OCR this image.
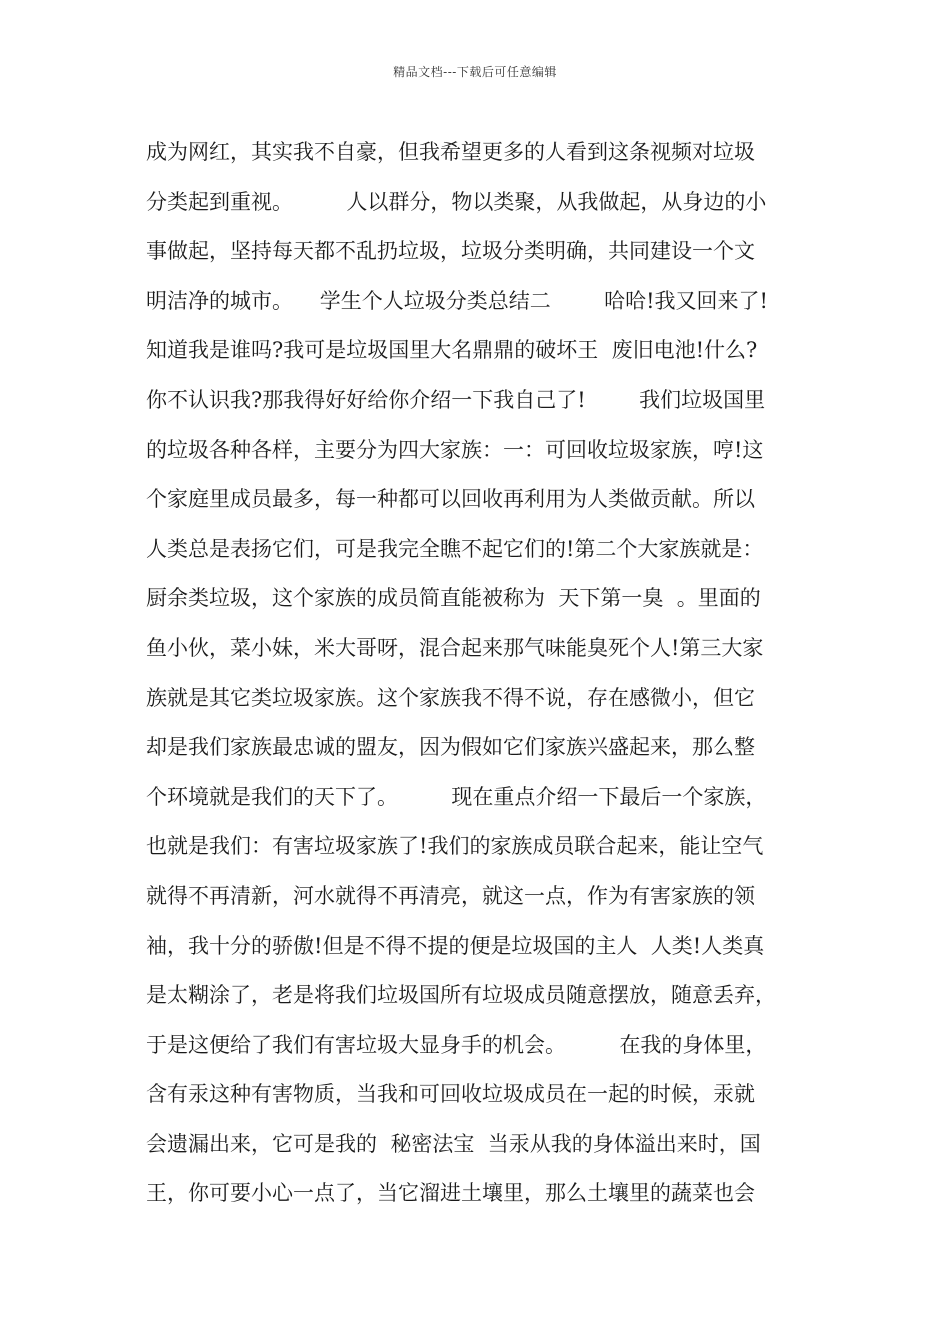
精品文档---下载后可任意编辑
成为网红，其实我不自豪，但我希望更多的人看到这条视频对垃圾
分类起到重视。        人以群分，物以类聚，从我做起，从身边的小
事做起，坚持每天都不乱扔垃圾，垃圾分类明确，共同建设一个文
明洁净的城市。    学生个人垃圾分类总结二        哈哈!我又回来了!
知道我是谁吗?我可是垃圾国里大名鼎鼎的破坏王  废旧电池!什么?
你不认识我?那我得好好给你介绍一下我自己了!        我们垃圾国里
的垃圾各种各样，主要分为四大家族：一：可回收垃圾家族，哼!这
个家庭里成员最多，每一种都可以回收再利用为人类做贡献。所以
人类总是表扬它们，可是我完全瞧不起它们的!第二个大家族就是：
厨余类垃圾，这个家族的成员简直能被称为  天下第一臭  。里面的
鱼小伙，菜小妹，米大哥呀，混合起来那气味能臭死个人!第三大家
族就是其它类垃圾家族。这个家族我不得不说，存在感微小，但它
却是我们家族最忠诚的盟友，因为假如它们家族兴盛起来，那么整
个环境就是我们的天下了。        现在重点介绍一下最后一个家族，
也就是我们：有害垃圾家族了!我们的家族成员联合起来，能让空气
就得不再清新，河水就得不再清亮，就这一点，作为有害家族的领
袖，我十分的骄傲!但是不得不提的便是垃圾国的主人  人类!人类真
是太糊涂了，老是将我们垃圾国所有垃圾成员随意摆放，随意丢弃，
于是这便给了我们有害垃圾大显身手的机会。        在我的身体里，
含有汞这种有害物质，当我和可回收垃圾成员在一起的时候，汞就
会遗漏出来，它可是我的  秘密法宝  当汞从我的身体溢出来时，国
王，你可要小心一点了，当它溜进土壤里，那么土壤里的蔬菜也会
